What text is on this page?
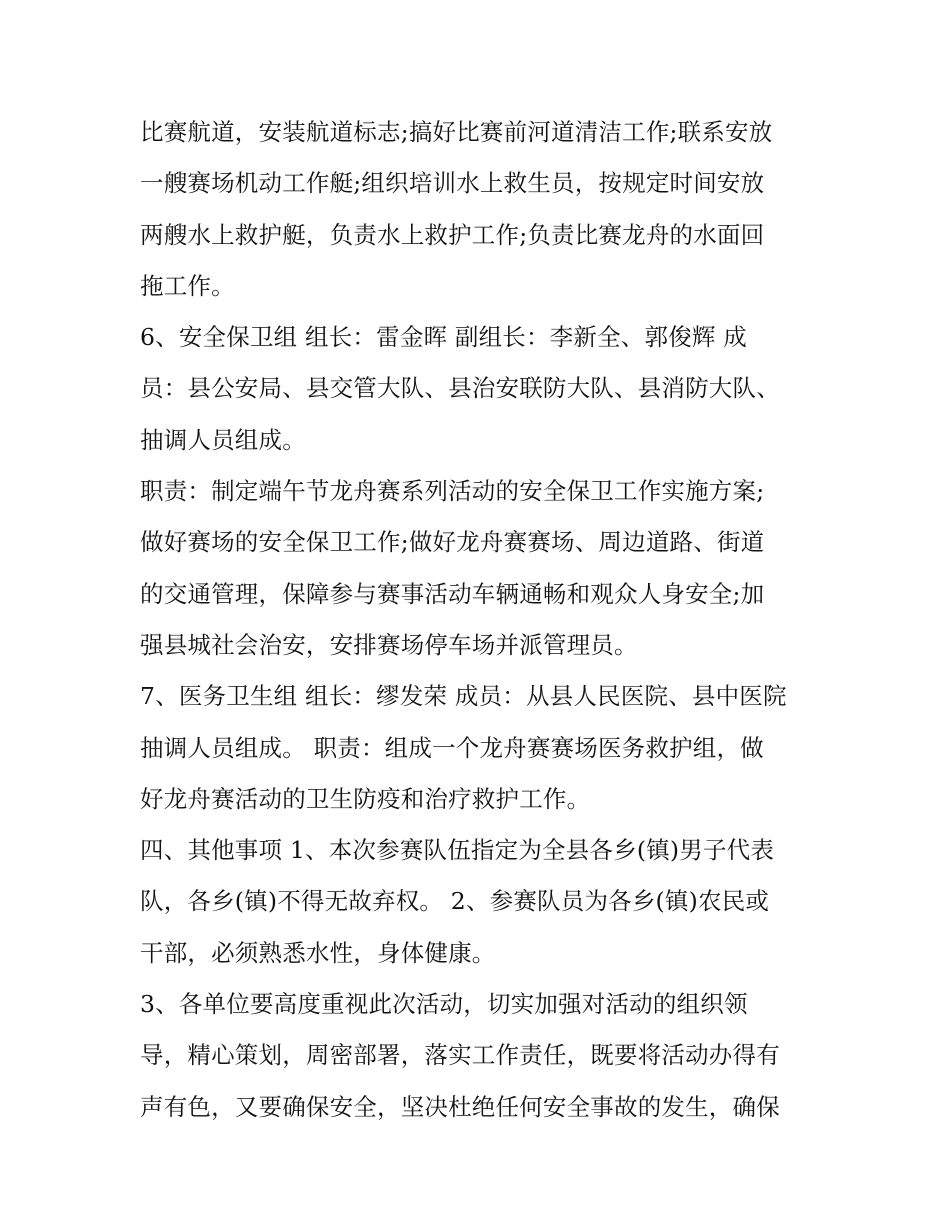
比赛航道，安装航道标志;搞好比赛前河道清洁工作;联系安放
一艘赛场机动工作艇;组织培训水上救生员，按规定时间安放
两艘水上救护艇，负责水上救护工作;负责比赛龙舟的水面回
拖工作。
6、安全保卫组 组长：雷金晖 副组长：李新全、郭俊辉 成
员：县公安局、县交管大队、县治安联防大队、县消防大队、
抽调人员组成。
职责：制定端午节龙舟赛系列活动的安全保卫工作实施方案;
做好赛场的安全保卫工作;做好龙舟赛赛场、周边道路、街道
的交通管理，保障参与赛事活动车辆通畅和观众人身安全;加
强县城社会治安，安排赛场停车场并派管理员。
7、医务卫生组 组长：缪发荣 成员：从县人民医院、县中医院
抽调人员组成。 职责：组成一个龙舟赛赛场医务救护组，做
好龙舟赛活动的卫生防疫和治疗救护工作。
四、其他事项 1、本次参赛队伍指定为全县各乡(镇)男子代表
队，各乡(镇)不得无故弃权。 2、参赛队员为各乡(镇)农民或
干部，必须熟悉水性，身体健康。
3、各单位要高度重视此次活动，切实加强对活动的组织领
导，精心策划，周密部署，落实工作责任，既要将活动办得有
声有色，又要确保安全，坚决杜绝任何安全事故的发生，确保
